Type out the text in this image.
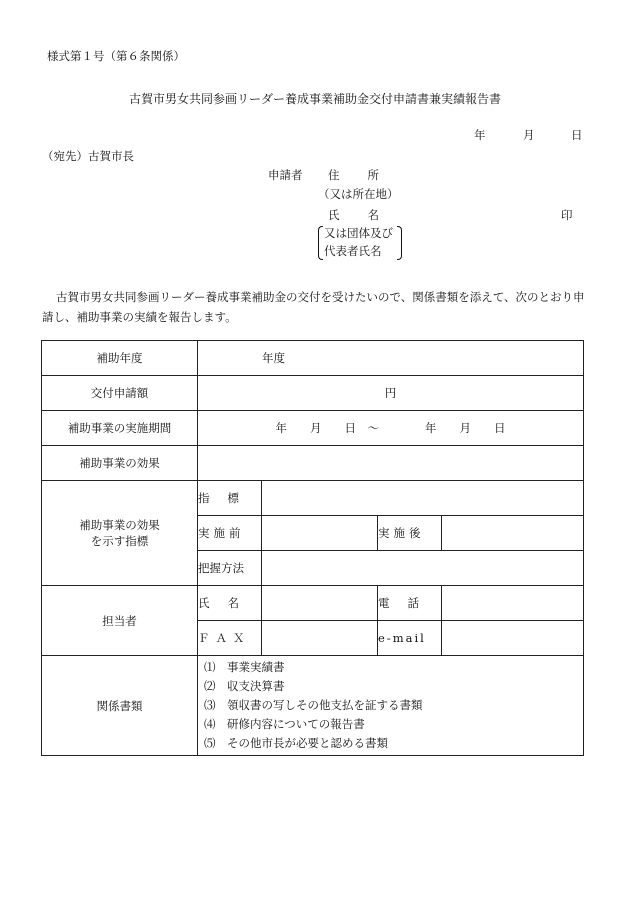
様式第１号（第６条関係）
古賀市男女共同参画リーダー養成事業補助金交付申請書兼実績報告書
年	月	日
（宛先）古賀市長
申請者 住所
（又は所在地）
氏名	印
又は団体及び
代表者氏名
古賀市男女共同参画リーダー養成事業補助金の交付を受けたいので、関係書類を添えて、次のとおり申請し、補助事業の実績を報告します。
補助年度	年度			
交付申請額	円			
補助事業の実施期間	年　　月　　日　～　　　　年　　月　　日			
補助事業の効果				

補助事業の効果
を示す指標	指標			
	実施前		実施後	
	把握方法			
担当者	氏名		電話	
	ＦＡＸ		e-mail	
関係書類	⑴　事業実績書
⑵　収支決算書
⑶　領収書の写しその他支払を証する書類
⑷　研修内容についての報告書
⑸　その他市長が必要と認める書類			
